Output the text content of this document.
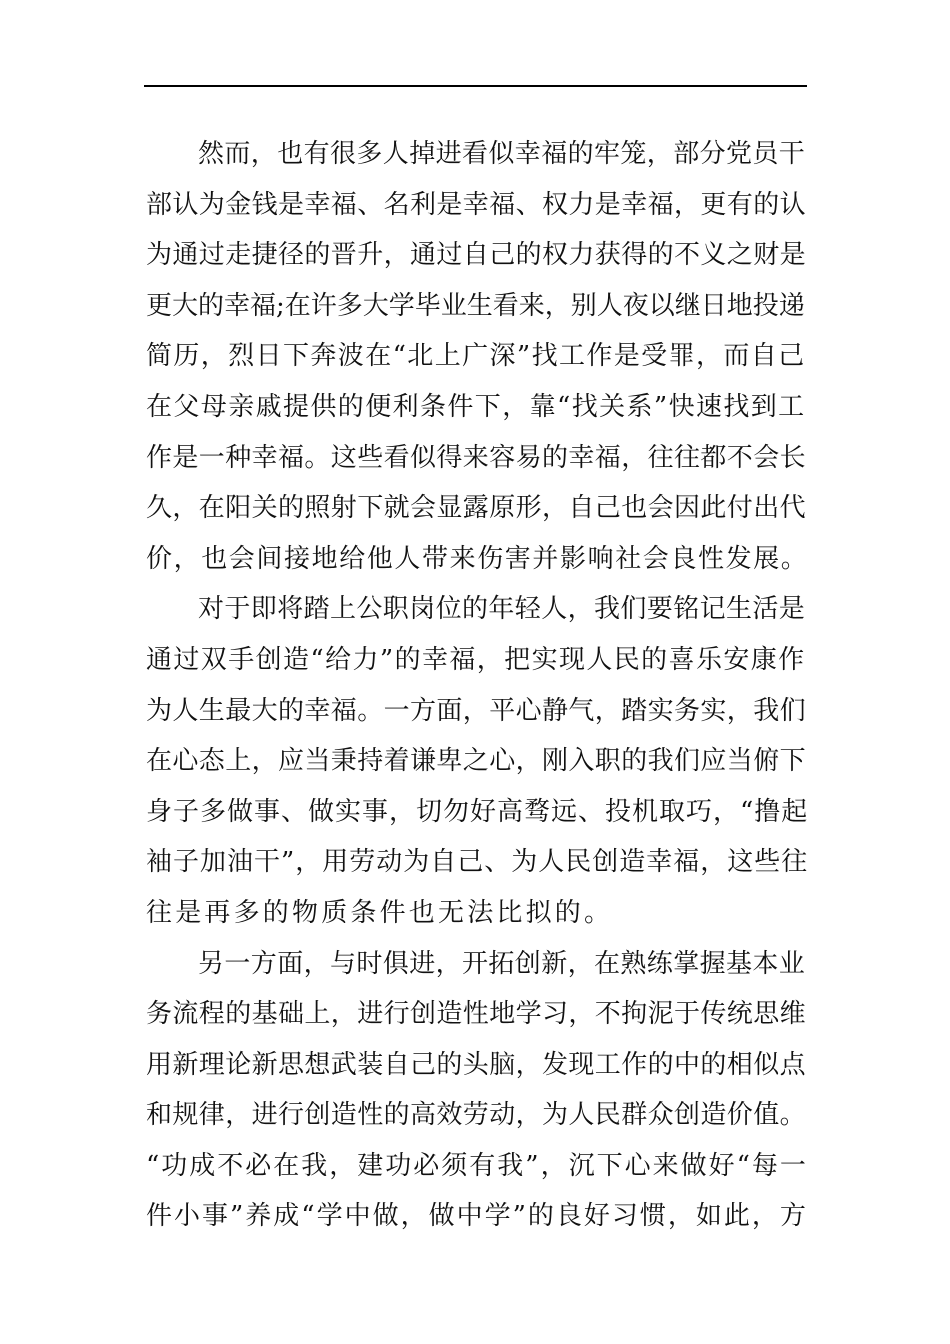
然而，也有很多人掉进看似幸福的牢笼，部分党员干
部认为金钱是幸福、名利是幸福、权力是幸福，更有的认
为通过走捷径的晋升，通过自己的权力获得的不义之财是
更大的幸福;在许多大学毕业生看来，别人夜以继日地投递
简历，烈日下奔波在“北上广深”找工作是受罪，而自己
在父母亲戚提供的便利条件下，靠“找关系”快速找到工
作是一种幸福。这些看似得来容易的幸福，往往都不会长
久，在阳关的照射下就会显露原形，自己也会因此付出代
价，也会间接地给他人带来伤害并影响社会良性发展。
对于即将踏上公职岗位的年轻人，我们要铭记生活是
通过双手创造“给力”的幸福，把实现人民的喜乐安康作
为人生最大的幸福。一方面，平心静气，踏实务实，我们
在心态上，应当秉持着谦卑之心，刚入职的我们应当俯下
身子多做事、做实事，切勿好高骛远、投机取巧，“撸起
袖子加油干”，用劳动为自己、为人民创造幸福，这些往
往是再多的物质条件也无法比拟的。
另一方面，与时俱进，开拓创新，在熟练掌握基本业
务流程的基础上，进行创造性地学习，不拘泥于传统思维
用新理论新思想武装自己的头脑，发现工作的中的相似点
和规律，进行创造性的高效劳动，为人民群众创造价值。
“功成不必在我，建功必须有我”，沉下心来做好“每一
件小事”养成“学中做，做中学”的良好习惯，如此，方
